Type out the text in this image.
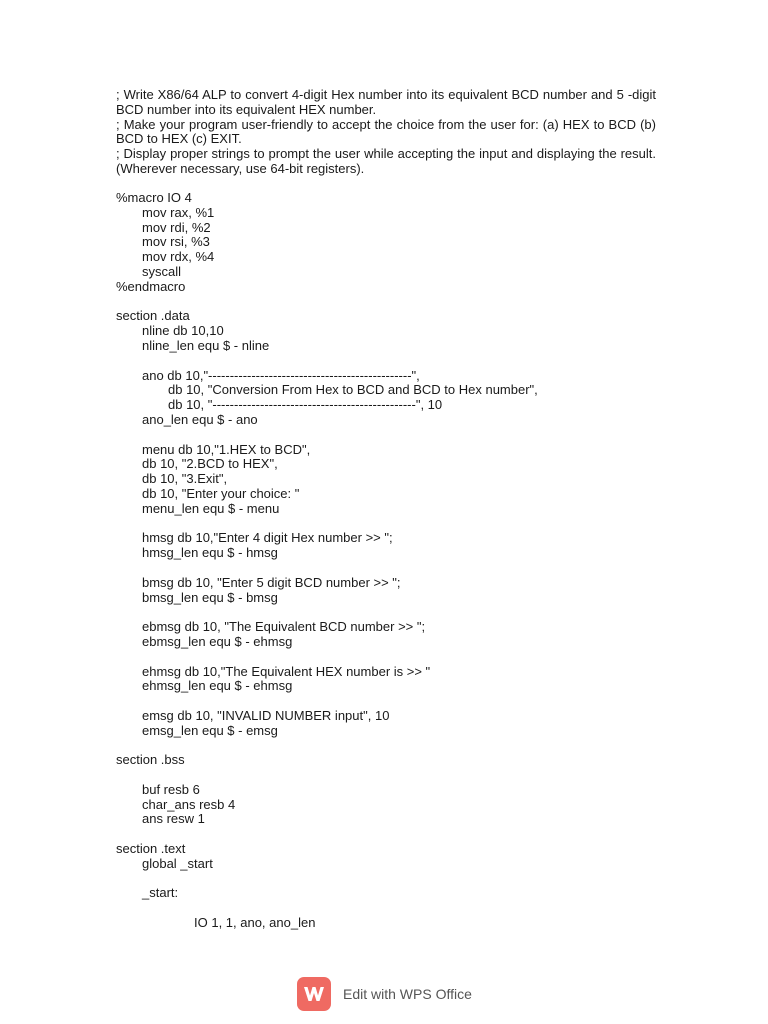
; Write X86/64 ALP to convert 4-digit Hex number into its equivalent BCD number and 5 -digit BCD number into its equivalent HEX number.

; Make your program user-friendly to accept the choice from the user for: (a) HEX to BCD (b) BCD to HEX (c) EXIT.

; Display proper strings to prompt the user while accepting the input and displaying the result. (Wherever necessary, use 64-bit registers).

%macro IO 4
mov rax, %1
mov rdi, %2
mov rsi, %3
mov rdx, %4
syscall
%endmacro
section .data
nline db 10,10
nline_len equ $ - nline
ano db 10,"-----------------------------------------------",
db 10, "Conversion From Hex to BCD and BCD to Hex number",
db 10, "-----------------------------------------------", 10
ano_len equ $ - ano
menu db 10,"1.HEX to BCD",
db 10, "2.BCD to HEX",
db 10, "3.Exit",
db 10, "Enter your choice: "
menu_len equ $ - menu
hmsg db 10,"Enter 4 digit Hex number >> ";
hmsg_len equ $ - hmsg
bmsg db 10, "Enter 5 digit BCD number >> ";
bmsg_len equ $ - bmsg
ebmsg db 10, "The Equivalent BCD number >> ";
ebmsg_len equ $ - ehmsg
ehmsg db 10,"The Equivalent HEX number is >> "
ehmsg_len equ $ - ehmsg
emsg db 10, "INVALID NUMBER input", 10
emsg_len equ $ - emsg
section .bss
buf resb 6
char_ans resb 4
ans resw 1
section .text
global _start
_start:
IO 1, 1, ano, ano_len
Edit with WPS Office
